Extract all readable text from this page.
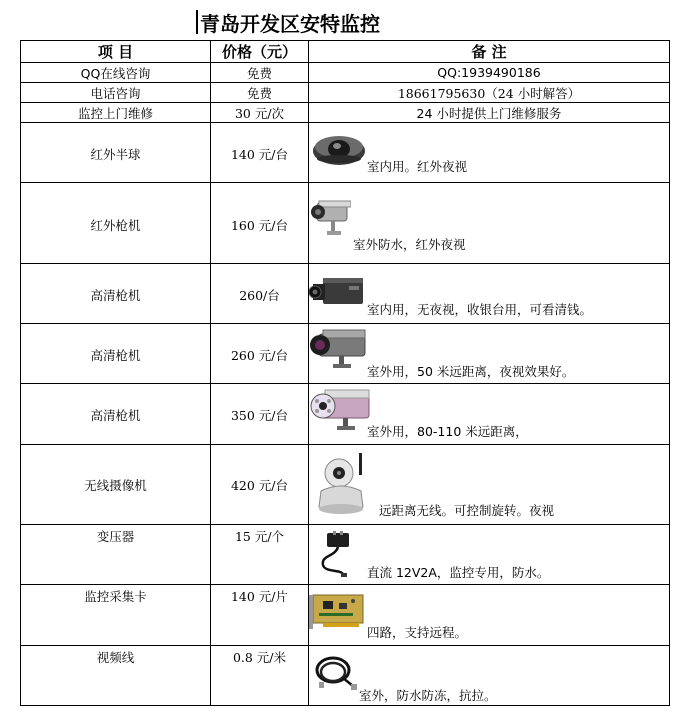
青岛开发区安特监控
项 目	价格（元）	备 注
QQ在线咨询	免费	QQ:1939490186
电话咨询	免费	18661795630（24 小时解答）
监控上门维修	30 元/次	24 小时提供上门维修服务
红外半球	140 元/台	室内用。红外夜视

红外枪机	160 元/台	室外防水，红外夜视

高清枪机	260/台	室内用，无夜视，收银台用，可看清钱。

高清枪机	260 元/台	室外用，50 米远距离，夜视效果好。

高清枪机	350 元/台	室外用，80-110 米远距离，

无线摄像机	420 元/台	远距离无线。可控制旋转。夜视

变压器	15 元/个	直流 12V2A，监控专用，防水。

监控采集卡	140 元/片	四路，支持远程。

视频线	0.8 元/米	室外，防水防冻，抗拉。
